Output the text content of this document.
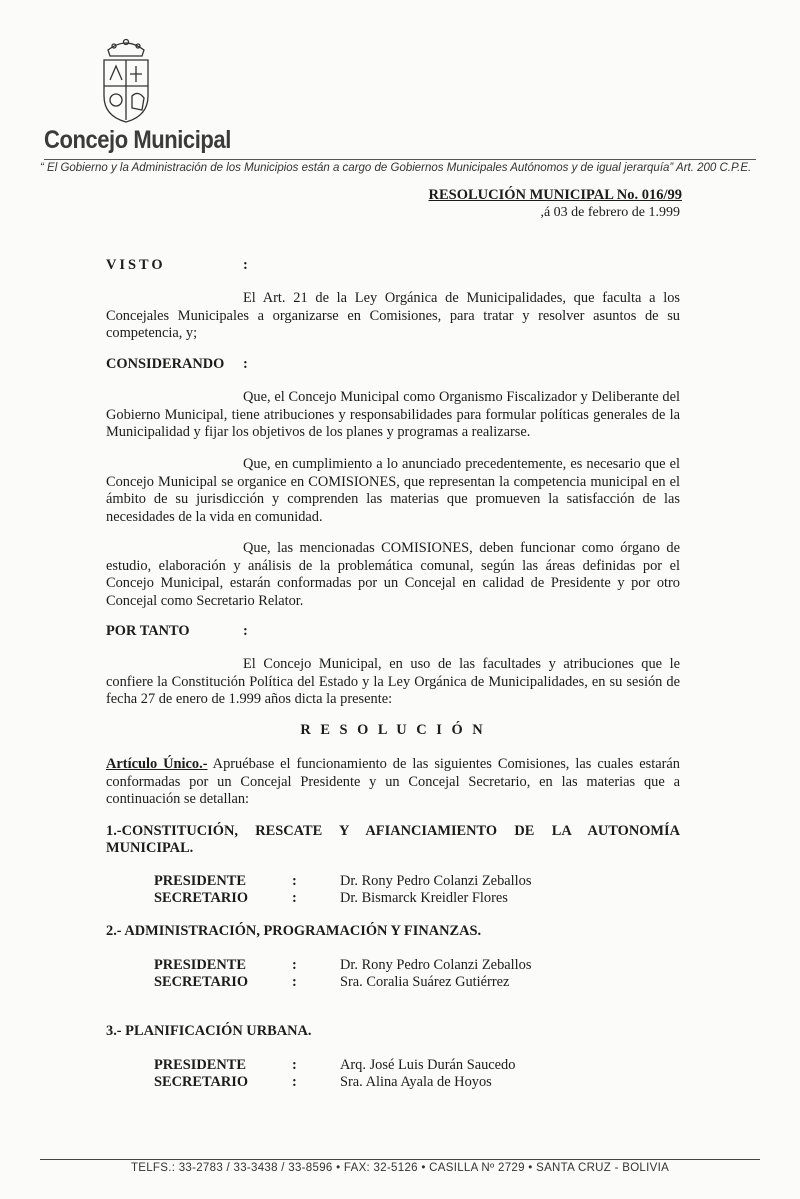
Concejo Municipal
“ El Gobierno y la Administración de los Municipios están a cargo de Gobiernos Municipales Autónomos y de igual jerarquía” Art. 200 C.P.E.
RESOLUCIÓN MUNICIPAL No. 016/99
,á 03 de febrero de 1.999
VISTO	:
El Art. 21 de la Ley Orgánica de Municipalidades, que faculta a los Concejales Municipales a organizarse en Comisiones, para tratar y resolver asuntos de su competencia, y;
CONSIDERANDO :
Que, el Concejo Municipal como Organismo Fiscalizador y Deliberante del Gobierno Municipal, tiene atribuciones y responsabilidades para formular políticas generales de la Municipalidad y fijar los objetivos de los planes y programas a realizarse.
Que, en cumplimiento a lo anunciado precedentemente, es necesario que el Concejo Municipal se organice en COMISIONES, que representan la competencia municipal en el ámbito de su jurisdicción y comprenden las materias que promueven la satisfacción de las necesidades de la vida en comunidad.
Que, las mencionadas COMISIONES, deben funcionar como órgano de estudio, elaboración y análisis de la problemática comunal, según las áreas definidas por el Concejo Municipal, estarán conformadas por un Concejal en calidad de Presidente y por otro Concejal como Secretario Relator.
POR TANTO	:
El Concejo Municipal, en uso de las facultades y atribuciones que le confiere la Constitución Política del Estado y la Ley Orgánica de Municipalidades, en su sesión de fecha 27 de enero de 1.999 años dicta la presente:
R E S O L U C I Ó N
Artículo Único.- Apruébase el funcionamiento de las siguientes Comisiones, las cuales estarán conformadas por un Concejal Presidente y un Concejal Secretario, en las materias que a continuación se detallan:
1.-CONSTITUCIÓN, RESCATE Y AFIANCIAMIENTO DE LA AUTONOMÍA MUNICIPAL.
PRESIDENTE	:	Dr. Rony Pedro Colanzi Zeballos
SECRETARIO	:	Dr. Bismarck Kreidler Flores
2.- ADMINISTRACIÓN, PROGRAMACIÓN Y FINANZAS.
PRESIDENTE	:	Dr. Rony Pedro Colanzi Zeballos
SECRETARIO	:	Sra. Coralia Suárez Gutiérrez
3.- PLANIFICACIÓN URBANA.
PRESIDENTE	:	Arq. José Luis Durán Saucedo
SECRETARIO	:	Sra. Alina Ayala de Hoyos
TELFS.: 33-2783 / 33-3438 / 33-8596 • FAX: 32-5126 • CASILLA Nº 2729 • SANTA CRUZ - BOLIVIA
